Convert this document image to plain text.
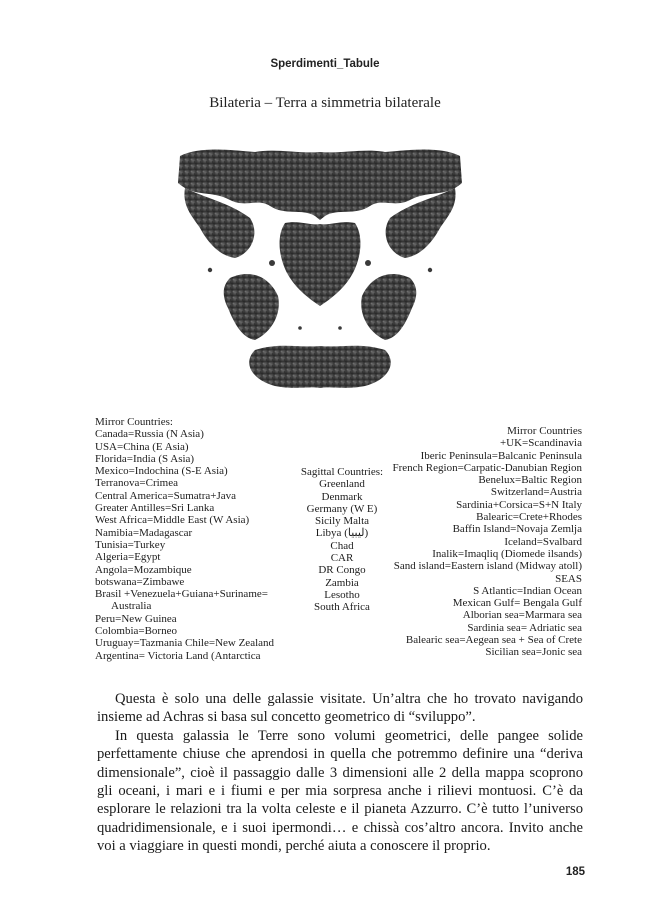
Sperdimenti_Tabule
Bilateria – Terra a simmetria bilaterale
Mirror Countries:
Canada=Russia (N Asia)
USA=China (E Asia)
Florida=India (S Asia)
Mexico=Indochina (S-E Asia)
Terranova=Crimea
Central America=Sumatra+Java
Greater Antilles=Sri Lanka
West Africa=Middle East (W Asia)
Namibia=Madagascar
Tunisia=Turkey
Algeria=Egypt
Angola=Mozambique
botswana=Zimbawe
Brasil +Venezuela+Guiana+Suriname=
Australia
Peru=New Guinea
Colombia=Borneo
Uruguay=Tazmania Chile=New Zealand
Argentina= Victoria Land (Antarctica
Sagittal Countries:
Greenland
Denmark
Germany (W E)
Sicily Malta
Libya (ليبيا)
Chad
CAR
DR Congo
Zambia
Lesotho
South Africa
Mirror Countries
+UK=Scandinavia
Iberic Peninsula=Balcanic Peninsula
French Region=Carpatic-Danubian Region
Benelux=Baltic Region
Switzerland=Austria
Sardinia+Corsica=S+N Italy
Balearic=Crete+Rhodes
Baffin Island=Novaja Zemlja
Iceland=Svalbard
Inalik=Imaqliq (Diomede ilsands)
Sand island=Eastern island (Midway atoll)
SEAS
S Atlantic=Indian Ocean
Mexican Gulf= Bengala Gulf
Alborian sea=Marmara sea
Sardinia sea= Adriatic sea
Balearic sea=Aegean sea + Sea of Crete
Sicilian sea=Jonic sea

Questa è solo una delle galassie visitate. Un’altra che ho trovato navigando insieme ad Achras si basa sul concetto geometrico di “sviluppo”.

In questa galassia le Terre sono volumi geometrici, delle pangee solide perfettamente chiuse che aprendosi in quella che potremmo definire una “deriva dimensionale”, cioè il passaggio dalle 3 dimensioni alle 2 della mappa scoprono gli oceani, i mari e i fiumi e per mia sorpresa anche i rilievi montuosi. C’è da esplorare le relazioni tra la volta celeste e il pianeta Azzurro. C’è tutto l’universo quadridimensionale, e i suoi ipermondi… e chissà cos’altro ancora. Invito anche voi a viaggiare in questi mondi, perché aiuta a conoscere il proprio.

185
